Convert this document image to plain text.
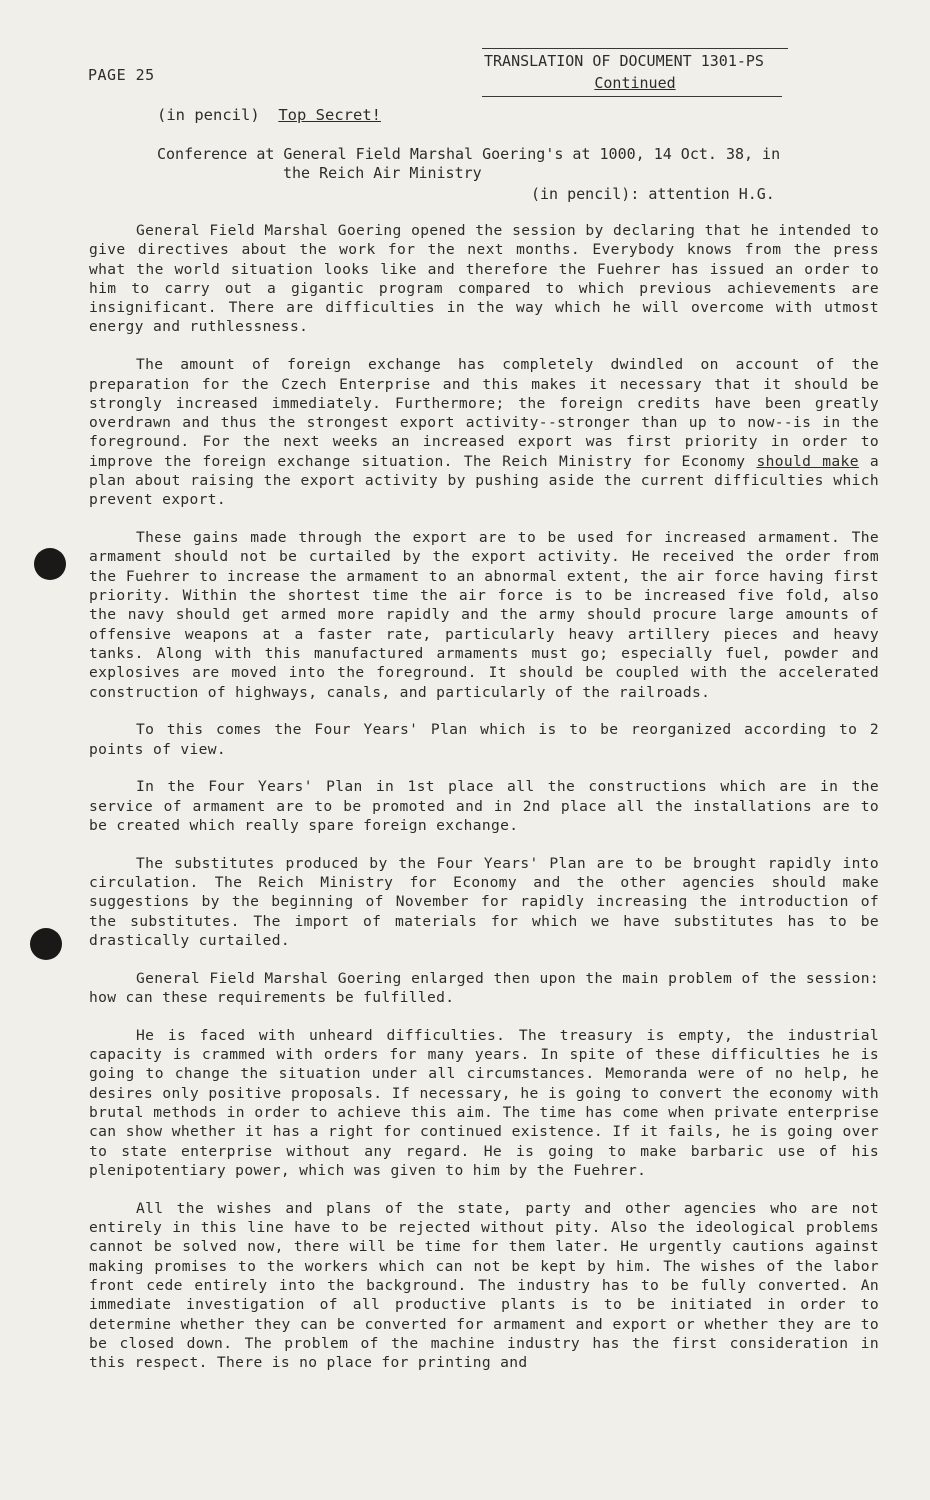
PAGE 25
TRANSLATION OF DOCUMENT 1301-PS
Continued
(in pencil) Top Secret!
Conference at General Field Marshal Goering's at 1000, 14 Oct. 38, in
the Reich Air Ministry
(in pencil): attention H.G.

General Field Marshal Goering opened the session by declaring that he intended to give directives about the work for the next months. Everybody knows from the press what the world situation looks like and therefore the Fuehrer has issued an order to him to carry out a gigantic program compared to which previous achievements are insignificant. There are difficulties in the way which he will overcome with utmost energy and ruthlessness.

The amount of foreign exchange has completely dwindled on account of the preparation for the Czech Enterprise and this makes it necessary that it should be strongly increased immediately. Furthermore; the foreign credits have been greatly overdrawn and thus the strongest export activity--stronger than up to now--is in the foreground. For the next weeks an increased export was first priority in order to improve the foreign exchange situation. The Reich Ministry for Economy should make a plan about raising the export activity by pushing aside the current difficulties which prevent export.

These gains made through the export are to be used for increased armament. The armament should not be curtailed by the export activity. He received the order from the Fuehrer to increase the armament to an abnormal extent, the air force having first priority. Within the shortest time the air force is to be increased five fold, also the navy should get armed more rapidly and the army should procure large amounts of offensive weapons at a faster rate, particularly heavy artillery pieces and heavy tanks. Along with this manufactured armaments must go; especially fuel, powder and explosives are moved into the foreground. It should be coupled with the accelerated construction of highways, canals, and particularly of the railroads.

To this comes the Four Years' Plan which is to be reorganized according to 2 points of view.

In the Four Years' Plan in 1st place all the constructions which are in the service of armament are to be promoted and in 2nd place all the installations are to be created which really spare foreign exchange.

The substitutes produced by the Four Years' Plan are to be brought rapidly into circulation. The Reich Ministry for Economy and the other agencies should make suggestions by the beginning of November for rapidly increasing the introduction of the substitutes. The import of materials for which we have substitutes has to be drastically curtailed.

General Field Marshal Goering enlarged then upon the main problem of the session: how can these requirements be fulfilled.

He is faced with unheard difficulties. The treasury is empty, the industrial capacity is crammed with orders for many years. In spite of these difficulties he is going to change the situation under all circumstances. Memoranda were of no help, he desires only positive proposals. If necessary, he is going to convert the economy with brutal methods in order to achieve this aim. The time has come when private enterprise can show whether it has a right for continued existence. If it fails, he is going over to state enterprise without any regard. He is going to make barbaric use of his plenipotentiary power, which was given to him by the Fuehrer.

All the wishes and plans of the state, party and other agencies who are not entirely in this line have to be rejected without pity. Also the ideological problems cannot be solved now, there will be time for them later. He urgently cautions against making promises to the workers which can not be kept by him. The wishes of the labor front cede entirely into the background. The industry has to be fully converted. An immediate investigation of all productive plants is to be initiated in order to determine whether they can be converted for armament and export or whether they are to be closed down. The problem of the machine industry has the first consideration in this respect. There is no place for printing and
